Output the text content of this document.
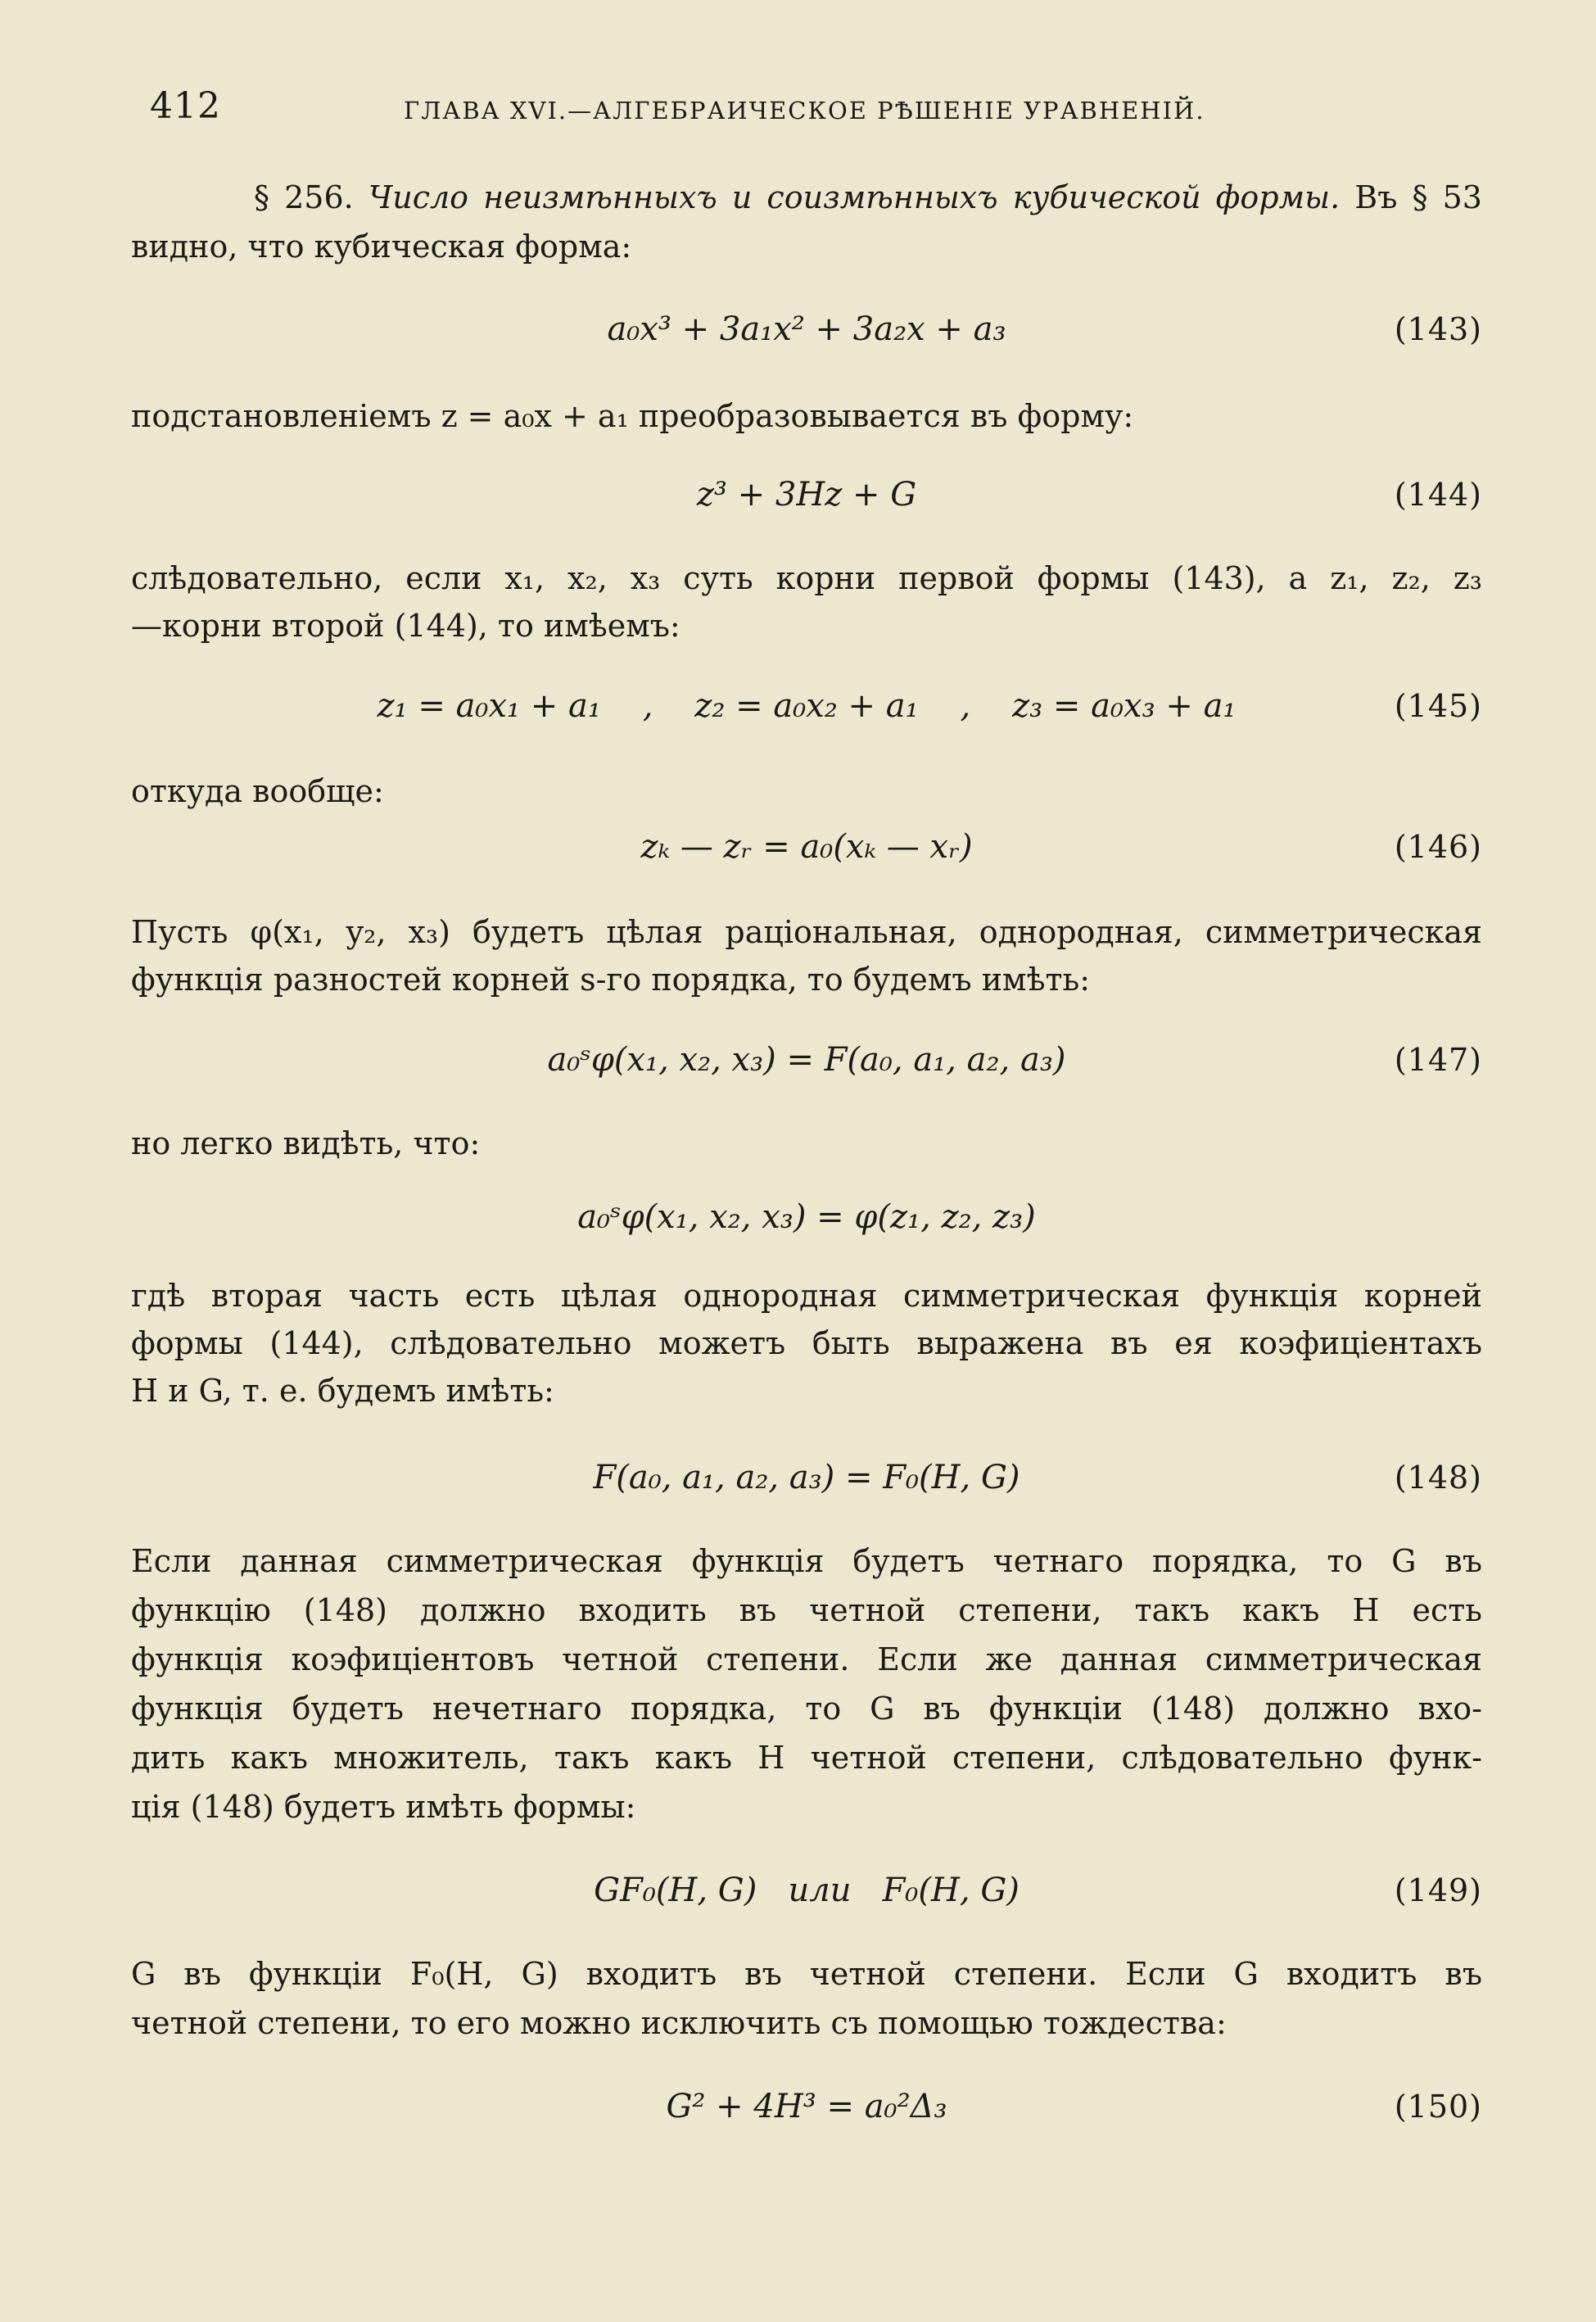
412	ГЛАВА XVI.—АЛГЕБРАИЧЕСКОЕ РѢШЕНІЕ УРАВНЕНІЙ.
§ 256. Число неизмѣнныхъ и соизмѣнныхъ кубической формы. Въ § 53
видно, что кубическая форма:
a₀x³ + 3a₁x² + 3a₂x + a₃	(143)
подстановленіемъ z = a₀x + a₁ преобразовывается въ форму:
z³ + 3Hz + G	(144)
слѣдовательно, если x₁, x₂, x₃ суть корни первой формы (143), а z₁, z₂, z₃
—корни второй (144), то имѣемъ:
z₁ = a₀x₁ + a₁    ,    z₂ = a₀x₂ + a₁    ,    z₃ = a₀x₃ + a₁	(145)
откуда вообще:
zₖ — zᵣ = a₀(xₖ — xᵣ)	(146)
Пусть φ(x₁, y₂, x₃) будетъ цѣлая раціональная, однородная, симметрическая
функція разностей корней s-го порядка, то будемъ имѣть:
a₀ˢφ(x₁, x₂, x₃) = F(a₀, a₁, a₂, a₃)	(147)
но легко видѣть, что:
a₀ˢφ(x₁, x₂, x₃) = φ(z₁, z₂, z₃)
гдѣ вторая часть есть цѣлая однородная симметрическая функція корней
формы (144), слѣдовательно можетъ быть выражена въ ея коэфиціентахъ
H и G, т. е. будемъ имѣть:
F(a₀, a₁, a₂, a₃) = F₀(H, G)	(148)
Если данная симметрическая функція будетъ четнаго порядка, то G въ
функцію (148) должно входить въ четной степени, такъ какъ H есть
функція коэфиціентовъ четной степени. Если же данная симметрическая
функція будетъ нечетнаго порядка, то G въ функціи (148) должно вхо-
дить какъ множитель, такъ какъ H четной степени, слѣдовательно функ-
ція (148) будетъ имѣть формы:
GF₀(H, G)   или   F₀(H, G)	(149)
G въ функціи F₀(H, G) входитъ въ четной степени. Если G входитъ въ
четной степени, то его можно исключить съ помощью тождества:
G² + 4H³ = a₀²Δ₃	(150)
